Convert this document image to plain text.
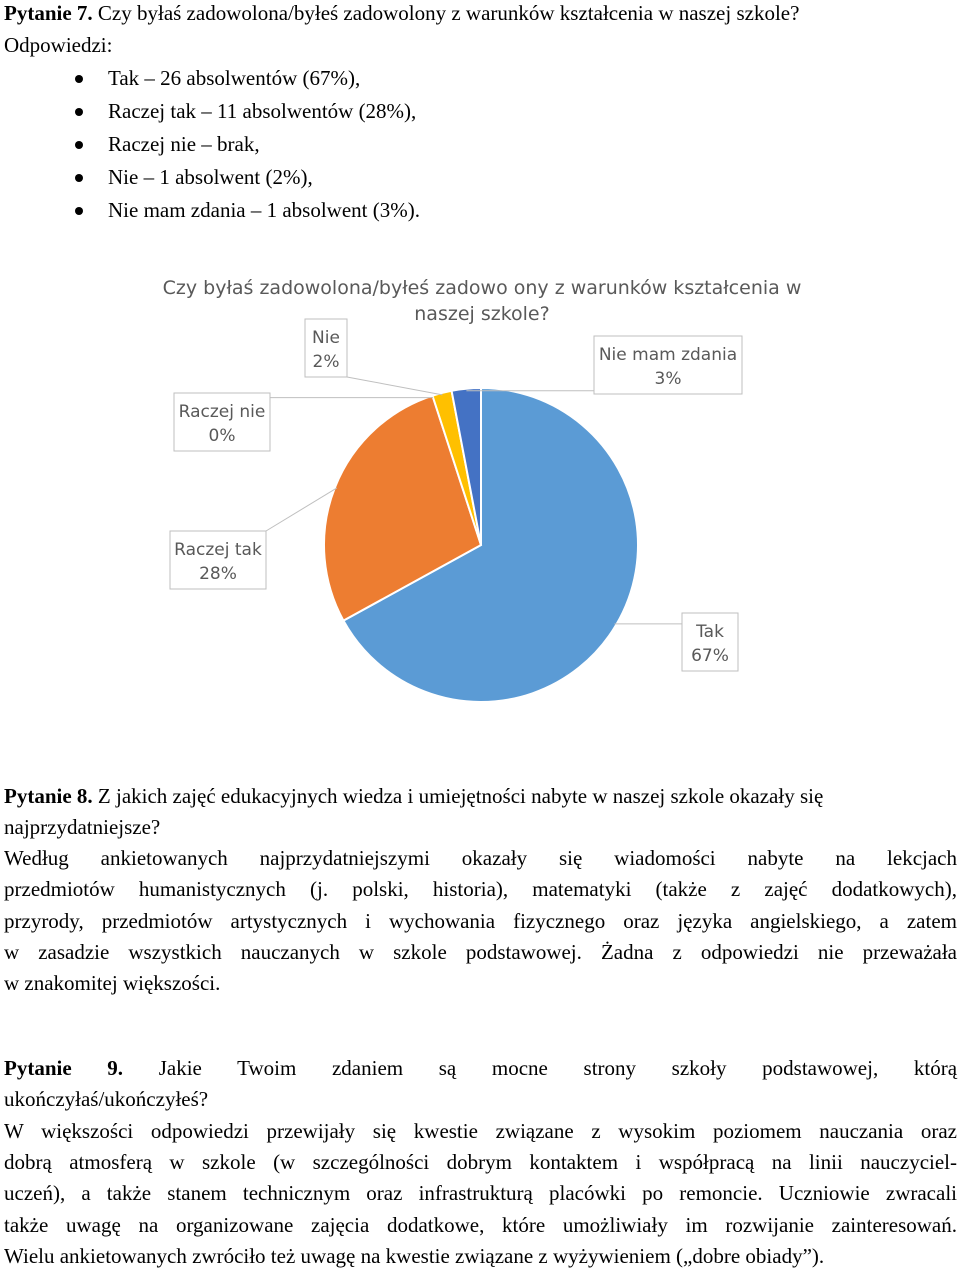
Pytanie 7. Czy byłaś zadowolona/byłeś zadowolony z warunków kształcenia w naszej szkole?
Odpowiedzi:
Tak – 26 absolwentów (67%),
Raczej tak – 11 absolwentów (28%),
Raczej nie – brak,
Nie – 1 absolwent (2%),
Nie mam zdania – 1 absolwent (3%).
Czy byłaś zadowolona/byłeś zadowo ony z warunków kształcenia w
naszej szkole?
Tak
67%
Raczej tak
28%
Raczej nie
0%
Nie
2%	Nie mam zdania
3%
Pytanie 8. Z jakich zajęć edukacyjnych wiedza i umiejętności nabyte w naszej szkole okazały się
najprzydatniejsze?
Według ankietowanych najprzydatniejszymi okazały się wiadomości nabyte na lekcjach
przedmiotów humanistycznych (j. polski, historia), matematyki (także z zajęć dodatkowych),
przyrody, przedmiotów artystycznych i wychowania fizycznego oraz języka angielskiego, a zatem
w zasadzie wszystkich nauczanych w szkole podstawowej. Żadna z odpowiedzi nie przeważała
w znakomitej większości.
Pytanie 9. Jakie Twoim zdaniem są mocne strony szkoły podstawowej, którą
ukończyłaś/ukończyłeś?
W większości odpowiedzi przewijały się kwestie związane z wysokim poziomem nauczania oraz
dobrą atmosferą w szkole (w szczególności dobrym kontaktem i współpracą na linii nauczyciel-
uczeń), a także stanem technicznym oraz infrastrukturą placówki po remoncie. Uczniowie zwracali
także uwagę na organizowane zajęcia dodatkowe, które umożliwiały im rozwijanie zainteresowań.
Wielu ankietowanych zwróciło też uwagę na kwestie związane z wyżywieniem („dobre obiady”).
